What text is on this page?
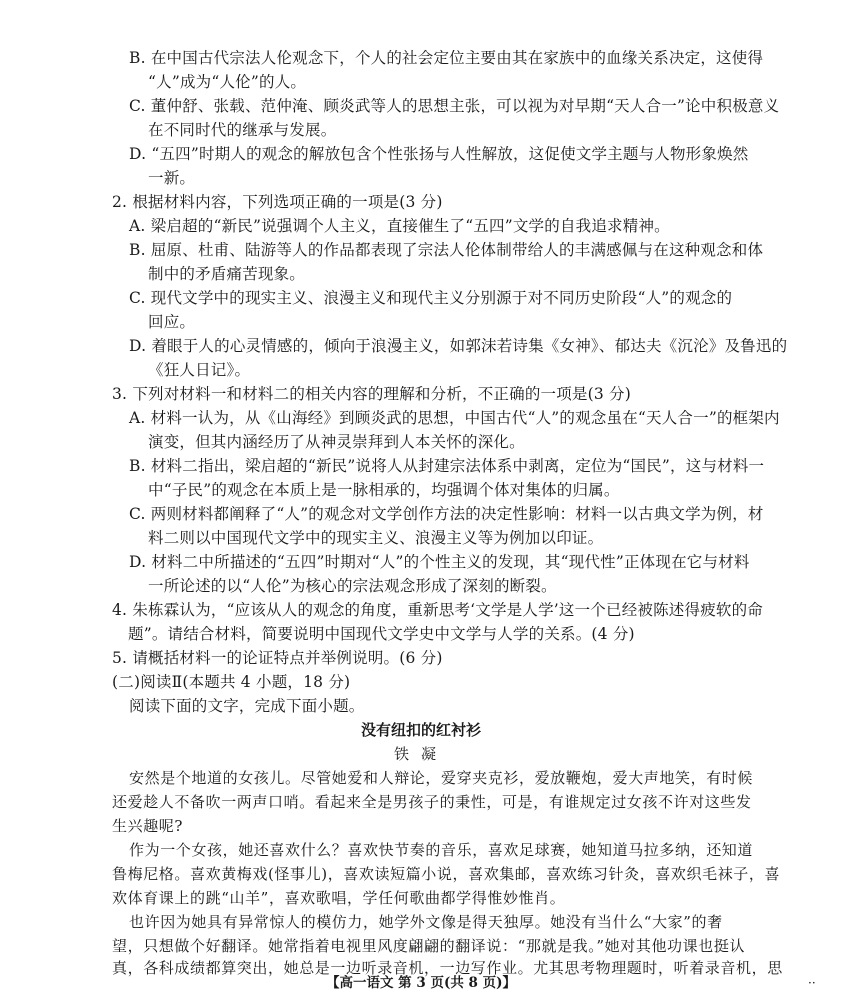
B. 在中国古代宗法人伦观念下，个人的社会定位主要由其在家族中的血缘关系决定，这使得
“人”成为“人伦”的人。
C. 董仲舒、张载、范仲淹、顾炎武等人的思想主张，可以视为对早期“天人合一”论中积极意义
在不同时代的继承与发展。
D. “五四”时期人的观念的解放包含个性张扬与人性解放，这促使文学主题与人物形象焕然
一新。
2. 根据材料内容，下列选项正确的一项是(3 分)
A. 梁启超的“新民”说强调个人主义，直接催生了“五四”文学的自我追求精神。
B. 屈原、杜甫、陆游等人的作品都表现了宗法人伦体制带给人的丰满感佩与在这种观念和体
制中的矛盾痛苦现象。
C. 现代文学中的现实主义、浪漫主义和现代主义分别源于对不同历史阶段“人”的观念的
回应。
D. 着眼于人的心灵情感的，倾向于浪漫主义，如郭沫若诗集《女神》、郁达夫《沉沦》及鲁迅的
《狂人日记》。
3. 下列对材料一和材料二的相关内容的理解和分析，不正确的一项是(3 分)
A. 材料一认为，从《山海经》到顾炎武的思想，中国古代“人”的观念虽在“天人合一”的框架内
演变，但其内涵经历了从神灵崇拜到人本关怀的深化。
B. 材料二指出，梁启超的“新民”说将人从封建宗法体系中剥离，定位为“国民”，这与材料一
中“子民”的观念在本质上是一脉相承的，均强调个体对集体的归属。
C. 两则材料都阐释了“人”的观念对文学创作方法的决定性影响：材料一以古典文学为例，材
料二则以中国现代文学中的现实主义、浪漫主义等为例加以印证。
D. 材料二中所描述的“五四”时期对“人”的个性主义的发现，其“现代性”正体现在它与材料
一所论述的以“人伦”为核心的宗法观念形成了深刻的断裂。
4. 朱栋霖认为，“应该从人的观念的角度，重新思考‘文学是人学’这一个已经被陈述得疲软的命
题”。请结合材料，简要说明中国现代文学史中文学与人学的关系。(4 分)
5. 请概括材料一的论证特点并举例说明。(6 分)
(二)阅读Ⅱ(本题共 4 小题，18 分)
阅读下面的文字，完成下面小题。
没有纽扣的红衬衫
铁凝
安然是个地道的女孩儿。尽管她爱和人辩论，爱穿夹克衫，爱放鞭炮，爱大声地笑，有时候
还爱趁人不备吹一两声口哨。看起来全是男孩子的秉性，可是，有谁规定过女孩不许对这些发
生兴趣呢?
作为一个女孩，她还喜欢什么？喜欢快节奏的音乐，喜欢足球赛，她知道马拉多纳，还知道
鲁梅尼格。喜欢黄梅戏(怪事儿)，喜欢读短篇小说，喜欢集邮，喜欢练习针灸，喜欢织毛袜子，喜
欢体育课上的跳“山羊”，喜欢歌唱，学任何歌曲都学得惟妙惟肖。
也许因为她具有异常惊人的模仿力，她学外文像是得天独厚。她没有当什么“大家”的奢
望，只想做个好翻译。她常指着电视里风度翩翩的翻译说：“那就是我。”她对其他功课也挺认
真，各科成绩都算突出，她总是一边听录音机，一边写作业。尤其思考物理题时，听着录音机，思
【高一语文 第 3 页(共 8 页)】	··
